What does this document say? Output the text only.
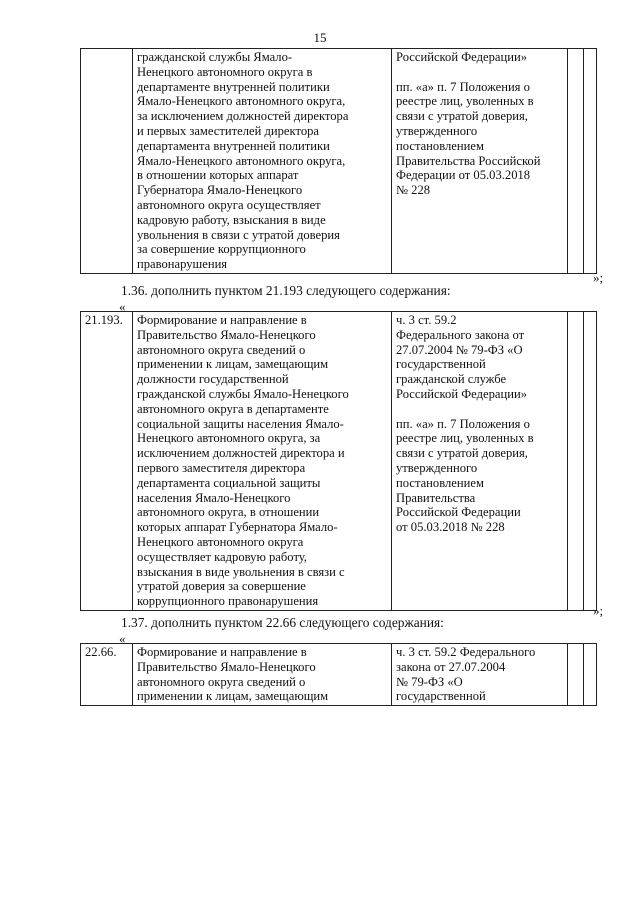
15
	гражданской службы Ямало-
Ненецкого автономного округа в
департаменте внутренней политики
Ямало-Ненецкого автономного округа,
за исключением должностей директора
и первых заместителей директора
департамента внутренней политики
Ямало-Ненецкого автономного округа,
в отношении которых аппарат
Губернатора Ямало-Ненецкого
автономного округа осуществляет
кадровую работу, взыскания в виде
увольнения в связи с утратой доверия
за совершение коррупционного
правонарушения	Российской Федерации»

пп. «а» п. 7 Положения о
реестре лиц, уволенных в
связи с утратой доверия,
утвержденного
постановлением
Правительства Российской
Федерации от 05.03.2018
№ 228		
»;
1.36. дополнить пунктом 21.193 следующего содержания:
«
21.193.	Формирование и направление в
Правительство Ямало-Ненецкого
автономного округа сведений о
применении к лицам, замещающим
должности государственной
гражданской службы Ямало-Ненецкого
автономного округа в департаменте
социальной защиты населения Ямало-
Ненецкого автономного округа, за
исключением должностей директора и
первого заместителя директора
департамента социальной защиты
населения Ямало-Ненецкого
автономного округа, в отношении
которых аппарат Губернатора Ямало-
Ненецкого автономного округа
осуществляет кадровую работу,
взыскания в виде увольнения в связи с
утратой доверия за совершение
коррупционного правонарушения	ч. 3 ст. 59.2
Федерального закона от
27.07.2004 № 79-ФЗ «О
государственной
гражданской службе
Российской Федерации»

пп. «а» п. 7 Положения о
реестре лиц, уволенных в
связи с утратой доверия,
утвержденного
постановлением
Правительства
Российской Федерации
от 05.03.2018 № 228		
»;
1.37. дополнить пунктом 22.66 следующего содержания:
«
22.66.	Формирование и направление в
Правительство Ямало-Ненецкого
автономного округа сведений о
применении к лицам, замещающим	ч. 3 ст. 59.2 Федерального
закона от 27.07.2004
№ 79-ФЗ «О
государственной		
